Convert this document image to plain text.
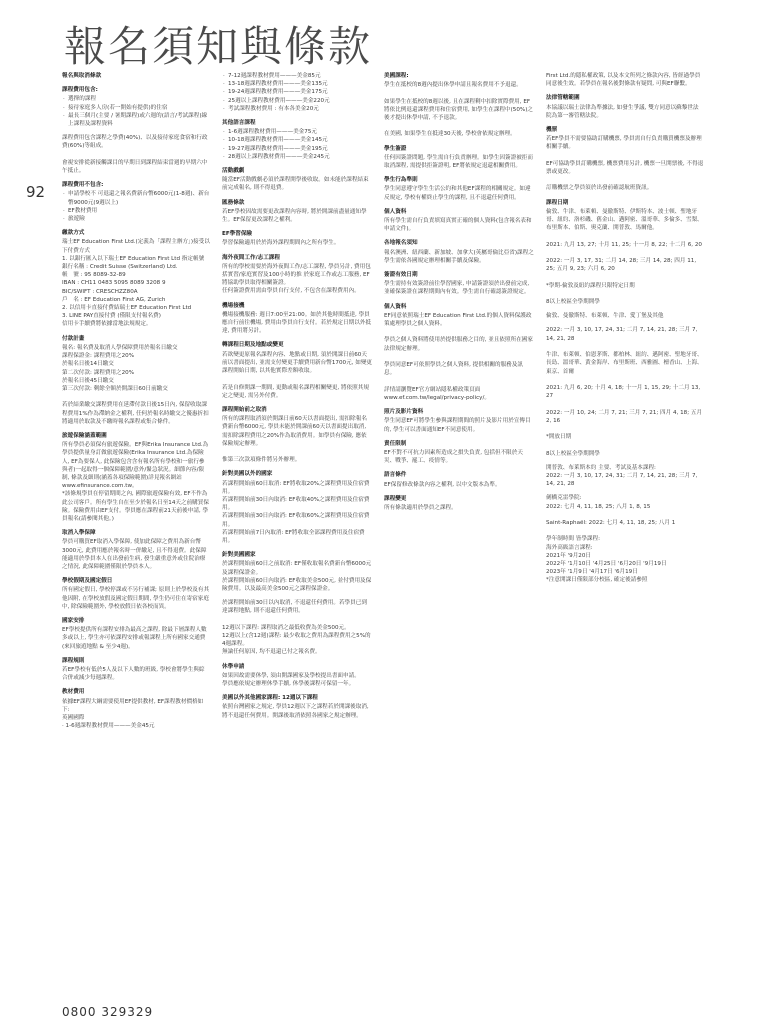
報名須知與條款
92
報名與取消條款
課程費用包含:
· 選擇的課程
· 接待家庭多人房(若一開始有提供)的住宿
· 最長三個月(主要 / 暑期課程)或六週的(語言/考試課程)線上課程及課程資料
課程費用包含課程之學費(40%)、以及接待家庭食宿和行政費(60%)等組成。

會視安排從新接觸課目的早期日到課程結束當週的早期六中午抵止。
課程費用不包含:
· 申請學校不 可退還之報名費新台幣6000元(1-8週)、新台幣9000元(9週以上)
· EF教材費用
· 旅遊險
繳款方式
瑞士EF Education First Ltd.(定義為「課程主辦方」)接受以下付費方式
1. 以銀行匯入以下瑞士EF Education First Ltd 指定帳號
銀行名稱 : Credit Suisse (Switzerland) Ltd.
帳　號 : 95 8089-32-89
IBAN : CH11 0483 5095 8089 3208 9
BIC/SWIFT : CRESCHZZ80A
戶　名 : EF Education First AG, Zurich
2. 以信用卡直接付費結瑞士EF Education First Ltd
3. LINE PAY直接付費 (僅限支付報名費)
信用卡手續費將依據當地法規規定。
付款計畫
報名: 報名費及取消人學保障費用於報名日繳交
課程保證金: 課程費用之20%
於報名日後14日繳交
第二次付款: 課程費用之20%
於報名日後45日繳交
第三次付款: 剩餘全額於開課日60日前繳交

若於結業繳交課程費用在延滯付款日後15日內, 保留收取課程費用1%作為滯納金之權利, 任何於報名時繳交之優惠折扣將適用於取款及不繳時報名課程或集合條件。
旅遊保險涵蓋範圍
所有學員必須保有旅遊保險。EF與Erika Insurance Ltd.為學員提供量身訂做旅遊保險(Erika Insurance Ltd.為保險人, EF為要保人, 此保險包含含有報名所有學校和一旅行參與者)一起取得一個保障範圍/意外/緊急狀況。細節內容/限制, 條款及細則(涵蓋各項保險範圍)詳見報名網站 www.efinsurance.com.tw。
*該條規學員在停留期間之內, 國際旅遊保險有效, EF不作為此公司客戶。所有學生自在至少於報名日至14天之前購買保險。保險費用由EF支付。學員應在課程前21天前後申請, 學員報名(請參閱其他。)
取消入學保障
學員可購買EF取消入學保障, 使加此保障之費用為新台幣3000元, 此費用應於報名時一併繳足, 且不得退費。此保障能適用於學員本人在出發前生病, 發生嚴重意外或住院治療之情況, 此保障範圍僅限於學員本人。
學校假期及國定假日
所有國定假日, 學校停課或不另行補課; 原則上於學校及有其他因附, 在學校放假及國定假日期間, 學生仍可住在寄宿家庭中, 除保險範圍外, 學校放假日依各校而異。
國家安排
EF學校提供所有課程安排為最高之課程, 除最下層課程人數多或以上, 學生亦可依課程安排或報課程上所有國家交通費 (來回旅遊地點 & 至少4週)。
課程規則
若EF學校有低於5人及以下人數的班級, 學校會將學生與綜合併或減少每週課程。
教材費用
依據EF課程大綱需要使用EF提供教材, EF課程教材價格如下:
英國國際
· 1-6週課程教材費用———美金45元
· 7-12週課程教材費用———美金85元
· 13-18週課程教材費用———美金135元
· 19-24週課程教材費用———美金175元
· 25週以上課程教材費用———美金220元
· 考試課程教材費用 : 有本各美金20元
其他語言課程
· 1-6週課程教材費用———美金75元
· 10-18週課程教材費用———美金145元
· 19-27週課程教材費用———美金195元
· 28週以上課程教材費用———美金245元
活動戲劇
隨當EF活動戲劇必須於課程開學後收取。如未能於課程結束前完成報名, 則不得退費。
匯務條款
若EF學校因故需要更改課程內容時, 將於開課前盡量通知學生。EF保留更改課程之權利。
EF學習保險
學習保險適用於於海外課程期間內之所有學生。
海外夜間工作/志工課程
所有的學校需要於海外夜間工作/志工課程, 學員另計, 費用包括實習/家庭實習及100小時的推 於家庭工作或志工服務, EF將協助學員取得相關簽證。
任何簽證費用需由學員自行支付, 不包含在課程費用內。
機場接機
機場接機服務: 週日7:00至21:00。如於其他時間抵達, 學員應自行前往機場, 費用由學員自行支付。若於規定日期以外抵達, 費用將另計。
轉課程日期及地點或變更
若欲變更原報名課程內容、地點或日期, 須於開課日前60天前以書面提出, 並需支付變更手續費用新台幣1700元, 如變更課程開始日期, 以其他實際差額收取。

若是自修開課一期間, 更動或報名課程相關變更, 將依照其規定之變更, 需另外付費。
課程開始前之取消
所有的課程取消須於開課日前60天以書面提出, 需扣除報名費新台幣6000元, 學員未能於開課前60天以書面提出取消, 需扣除課程費用之20%作為取消費用。如學員有保險, 應依保險規定辦理。

惟第三次款項條件將另外辦理。
針對美國以外的國家
若課程開始前60日取消: EF將收取20%之課程費用及住宿費用。
若課程開始前30日內取消: EF收取40%之課程費用及住宿費用。
若課程開始前30日內取消: EF收取60%之課程費用及住宿費用。
若課程開始前7日內取消: EF將收取全部課程費用及住宿費用。
針對美國國家
於課程開始前60日之前取消: EF僅收取報名費新台幣6000元及課程保證金。
於課程開始前60日內取消: EF收取美金500元, 並付費用及保險費用。以及最高美金500元之課程保證金。
於課程開始前30日以內取消, 不退還任何費用。若學員已到達課程地點, 則不退還任何費用。

12週以下課程: 課程取消之最低收費為美金500元。
12週以上(含12週)課程: 最少收取之費用為課程費用之5%的4週課程。
無論任何原因, 均不退還已付之報名費。
休學申請
如果因故需要休學, 須由開課國家及學校提出書面申請。
學員應依規定辦理休學手續, 休學後課程可保留一年。
美國以外其他國家課程: 12週以下課程
依照台灣國家之規定, 學員12週以下之課程若於開課後取消, 將不退還任何費用。開課後取消依照各國家之規定辦理。
美國課程:
學生在抵校的8週內提出休學申請且報名費用不予退還。

如果學生在抵校的8週以後, 且在課程剩中扣除實際費用, EF將依比例退還課程費用和住宿費用, 如學生在課程中(50%)之後才提出休學申請, 不予退款。

在美國, 如果學生在抵達30天後, 學校會依規定辦理。
學生簽證
任何因簽證問題, 學生需自行負責辦理。如學生因簽證被拒而取消課程, 需提供拒簽證明, EF將依規定退還相關費用。
學生行為準則
學生同意遵守學生生活公約和其他EF課程的相關規定。如違反規定, 學校有權終止學生的課程, 且不退還任何費用。
個人資料
所有學生需自行負責填寫真實正確的個人資料(包含報名表和申請文件)。
各地報名須知
報名澳洲、紐西蘭、新加坡、加拿大(英屬哥倫比亞省)課程之學生需依各國規定辦理相關手續及保險。
簽證有效日期
學生需持有效簽證前往學習國家, 申請簽證須於出發前完成, 並確保簽證在課程期間內有效。學生需自行確認簽證規定。
個人資料
EF同意依照瑞士EF Education First Ltd.的個人資料保護政策處理學員之個人資料。

學員之個人資料將使用於提供服務之目的, 並且依照所在國家法律規定辦理。

學員同意EF可依照學員之個人資料, 提供相關的服務及訊息。

詳情請瀏覽EF官方網站隱私權政策頁面 www.ef.com.tw/legal/privacy-policy/。
照片及影片資料
學生同意EF可將學生參與課程期間的照片及影片用於宣傳目的, 學生可以書面通知EF不同意使用。
責任限制
EF不對不可抗力因素所造成之損失負責, 包括但不限於天災、戰爭、罷工、疫情等。
語言條件
EF保留修改條款內容之權利, 以中文版本為準。
課程變更
所有條款適用於學員之課程。
First Ltd.的隱私權政策, 以及本文所列之條款內容, 皆經過學員同意後生效。若學員在報名後對條款有疑問, 可與EF聯繫。
法律管轄範圍
本協議以瑞士法律為準據法, 如發生爭議, 雙方同意以蘇黎世法院為第一審管轄法院。
機票
若EF學員不需要協助訂購機票, 學員需自行負責購買機票及辦理相關手續。

EF可協助學員訂購機票, 機票費用另計, 機票一旦開票後, 不得退票或更改。

訂購機票之學員須於出發前確認航班資訊。
課程日期
倫敦、牛津、布萊頓、曼徹斯特、伊斯特本、波士頓、聖地牙哥、紐約、洛杉磯、舊金山、邁阿密、溫哥華、多倫多、雪梨、布里斯本、伯斯、奧克蘭、開普敦、馬爾他。

2021: 九月 13, 27; 十月 11, 25; 十一月 8, 22; 十二月 6, 20

2022: 一月 3, 17, 31; 二月 14, 28; 三月 14, 28; 四月 11, 25; 五月 9, 23; 六月 6, 20

*學期-倫敦及紐約課程只限特定日期

8以上校區全學期開學
倫敦、曼徹斯特、布萊頓、牛津、愛丁堡及其他
2022: 一月 3, 10, 17, 24, 31; 二月 7, 14, 21, 28; 三月 7, 14, 21, 28

牛津、布萊頓、伯恩茅斯、都柏林、紐約、邁阿密、聖地牙哥、長島、溫哥華、黃金海岸、布里斯班、西雅圖、檀香山、上海、東京、首爾

2021: 九月 6, 20; 十月 4, 18; 十一月 1, 15, 29; 十二月 13, 27

2022: 一月 10, 24; 二月 7, 21; 三月 7, 21; 四月 4, 18; 五月 2, 16

*開放日期

8以上校區全學期開學
開普敦、布萊斯本約 主要、考試及基本課程:
2022: 一月 3, 10, 17, 24, 31; 二月 7, 14, 21, 28; 三月 7, 14, 21, 28
劍橋克雷學院:
2022: 七月 4, 11, 18, 25; 八月 1, 8, 15

Saint-Raphaël: 2022: 七月 4, 11, 18, 25; 八月 1

學年制時間 皆學課程:
海外高級語言課程:
2021年 '9月20日
2022年 '1月10日 '4月25日 '6月20日 '9月19日
2023年 '1月9日 '4月17日 '6月19日
*注意開課日僅限部分校區, 確定後請參照
0800 329329
